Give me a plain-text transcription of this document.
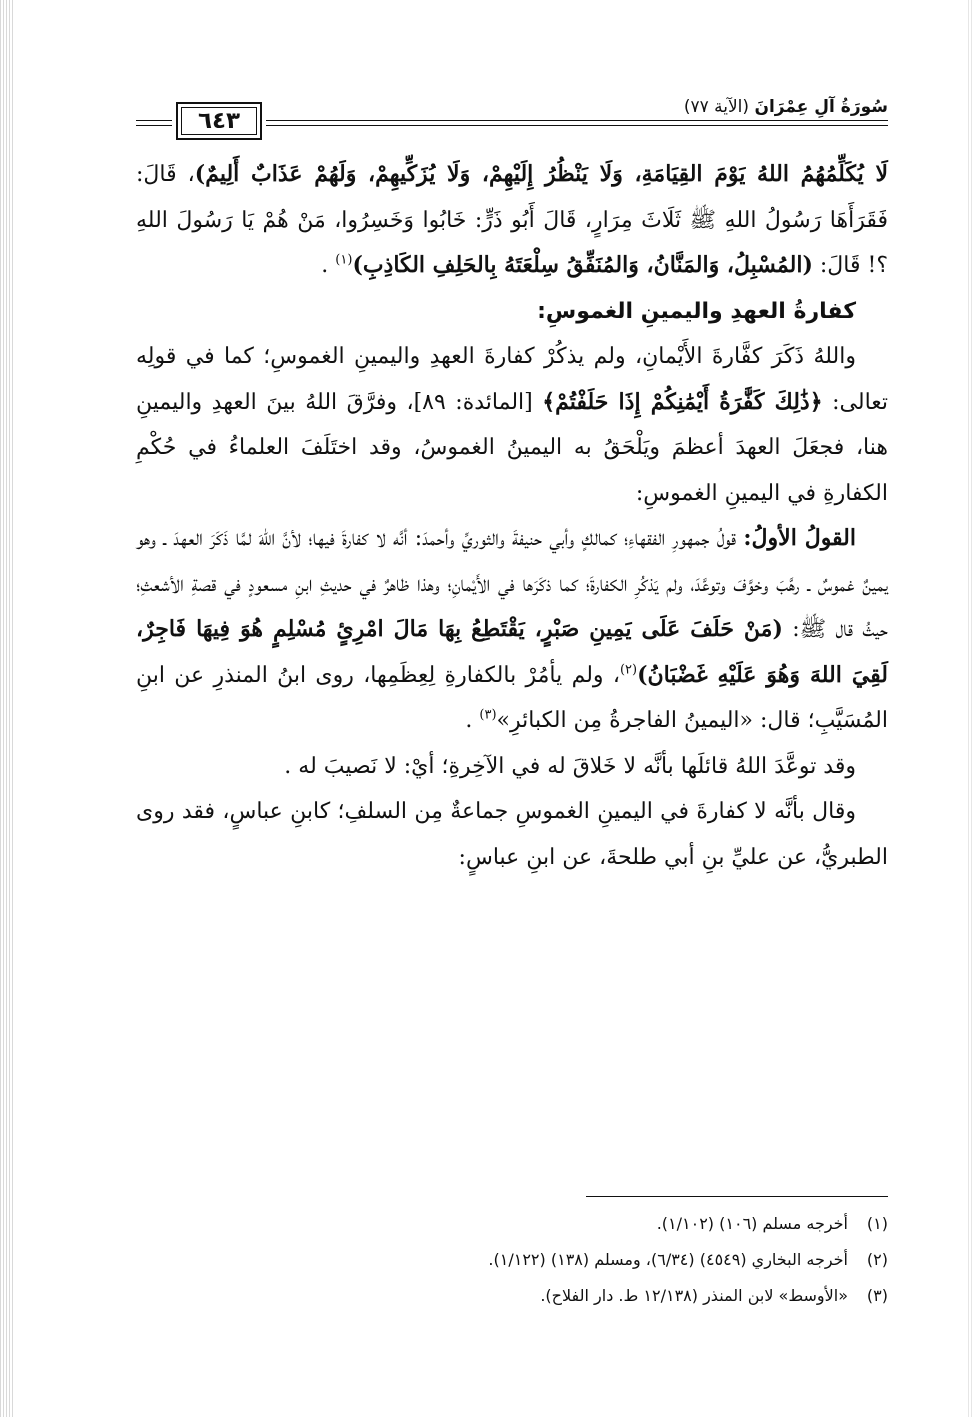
٦٤٣
سُورَةُ آلِ عِمْرَانَ (الآية ٧٧)

لَا يُكَلِّمُهُمُ اللهُ يَوْمَ القِيَامَةِ، وَلَا يَنْظُرُ إِلَيْهِمْ، وَلَا يُزَكِّيهِمْ، وَلَهُمْ عَذَابٌ أَلِيمٌ)، قَالَ: فَقَرَأَهَا رَسُولُ اللهِ ﷺ ثَلَاثَ مِرَارٍ، قَالَ أَبُو ذَرٍّ: خَابُوا وَخَسِرُوا، مَنْ هُمْ يَا رَسُولَ اللهِ ؟! قَالَ: (المُسْبِلُ، وَالمَنَّانُ، وَالمُنَفِّقُ سِلْعَتَهُ بِالحَلِفِ الكَاذِبِ)$^{(١)}$ .

كفارةُ العهدِ واليمينِ الغموسِ:

واللهُ ذَكَرَ كفَّارةَ الأَيْمانِ، ولم يذكُرْ كفارةَ العهدِ واليمينِ الغموسِ؛ كما في قولِه تعالى: ﴿ذَٰلِكَ كَفَّٰرَةُ أَيْمَٰنِكُمْ إِذَا حَلَفْتُمْ﴾ [المائدة: ٨٩]، وفرَّقَ اللهُ بينَ العهدِ واليمينِ هنا، فجعَلَ العهدَ أعظمَ ويَلْحَقُ به اليمينُ الغموسُ، وقد اختَلَفَ العلماءُ في حُكْمِ الكفارةِ في اليمينِ الغموسِ:

القولُ الأولُ: قولُ جمهورِ الفقهاءِ؛ كمالكٍ وأبي حنيفةَ والثوريِّ وأحمدَ: أنَّه لا كفارةَ فيها؛ لأنَّ اللهَ لمَّا ذَكَرَ العهدَ ـ وهو يمينٌ غموسٌ ـ رهَّبَ وخوَّفَ وتوعَّدَ، ولم يَذكُرِ الكفارةَ؛ كما ذكَرَها في الأَيْمانِ؛ وهذا ظاهرٌ في حديثِ ابنِ مسعودٍ في قصةِ الأشعثِ؛ حيثُ قال ﷺ: (مَنْ حَلَفَ عَلَى يَمِينِ صَبْرٍ، يَقْتَطِعُ بِهَا مَالَ امْرِئٍ مُسْلِمٍ هُوَ فِيهَا فَاجِرٌ، لَقِيَ اللهَ وَهُوَ عَلَيْهِ غَضْبَانُ)$^{(٢)}$، ولم يأمُرْ بالكفارةِ لِعِظَمِها، روى ابنُ المنذرِ عن ابنِ المُسَيَّبِ؛ قال: «اليمينُ الفاجرةُ مِن الكبائرِ»$^{(٣)}$ .

وقد توعَّدَ اللهُ قائلَها بأنَّه لا خَلاقَ له في الآخِرةِ؛ أيْ: لا نَصيبَ له .

وقال بأنَّه لا كفارةَ في اليمينِ الغموسِ جماعةٌ مِن السلفِ؛ كابنِ عباسٍ، فقد روى الطبريُّ، عن عليِّ بنِ أبي طلحةَ، عن ابنِ عباسٍ:

(١)أخرجه مسلم (١٠٦) (١/١٠٢).
(٢)أخرجه البخاري (٤٥٤٩) (٦/٣٤)، ومسلم (١٣٨) (١/١٢٢).
(٣)«الأوسط» لابن المنذر (١٢/١٣٨ ط. دار الفلاح).
